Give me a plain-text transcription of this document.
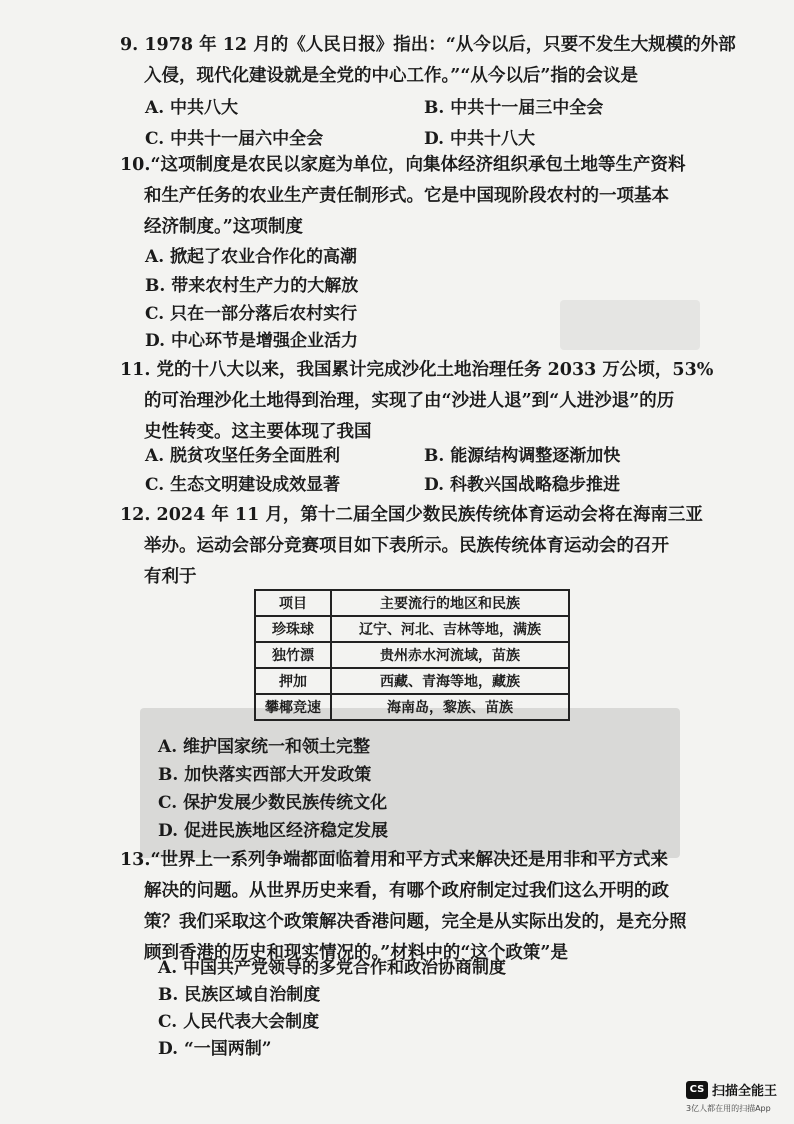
9. 1978 年 12 月的《人民日报》指出：“从今以后，只要不发生大规模的外部
入侵，现代化建设就是全党的中心工作。”“从今以后”指的会议是
A. 中共八大	B. 中共十一届三中全会
C. 中共十一届六中全会	D. 中共十八大
10.“这项制度是农民以家庭为单位，向集体经济组织承包土地等生产资料
和生产任务的农业生产责任制形式。它是中国现阶段农村的一项基本
经济制度。”这项制度
A. 掀起了农业合作化的高潮
B. 带来农村生产力的大解放
C. 只在一部分落后农村实行
D. 中心环节是增强企业活力
11. 党的十八大以来，我国累计完成沙化土地治理任务 2033 万公顷，53%
的可治理沙化土地得到治理，实现了由“沙进人退”到“人进沙退”的历
史性转变。这主要体现了我国
A. 脱贫攻坚任务全面胜利	B. 能源结构调整逐渐加快
C. 生态文明建设成效显著	D. 科教兴国战略稳步推进
12. 2024 年 11 月，第十二届全国少数民族传统体育运动会将在海南三亚
举办。运动会部分竞赛项目如下表所示。民族传统体育运动会的召开
有利于
项目	主要流行的地区和民族
珍珠球	辽宁、河北、吉林等地，满族
独竹漂	贵州赤水河流域，苗族
押加	西藏、青海等地，藏族
攀椰竞速	海南岛，黎族、苗族
A. 维护国家统一和领土完整
B. 加快落实西部大开发政策
C. 保护发展少数民族传统文化
D. 促进民族地区经济稳定发展
13.“世界上一系列争端都面临着用和平方式来解决还是用非和平方式来
解决的问题。从世界历史来看，有哪个政府制定过我们这么开明的政
策？我们采取这个政策解决香港问题，完全是从实际出发的，是充分照
顾到香港的历史和现实情况的。”材料中的“这个政策”是
A. 中国共产党领导的多党合作和政治协商制度
B. 民族区域自治制度
C. 人民代表大会制度
D. “一国两制”
CS 扫描全能王
3亿人都在用的扫描App
